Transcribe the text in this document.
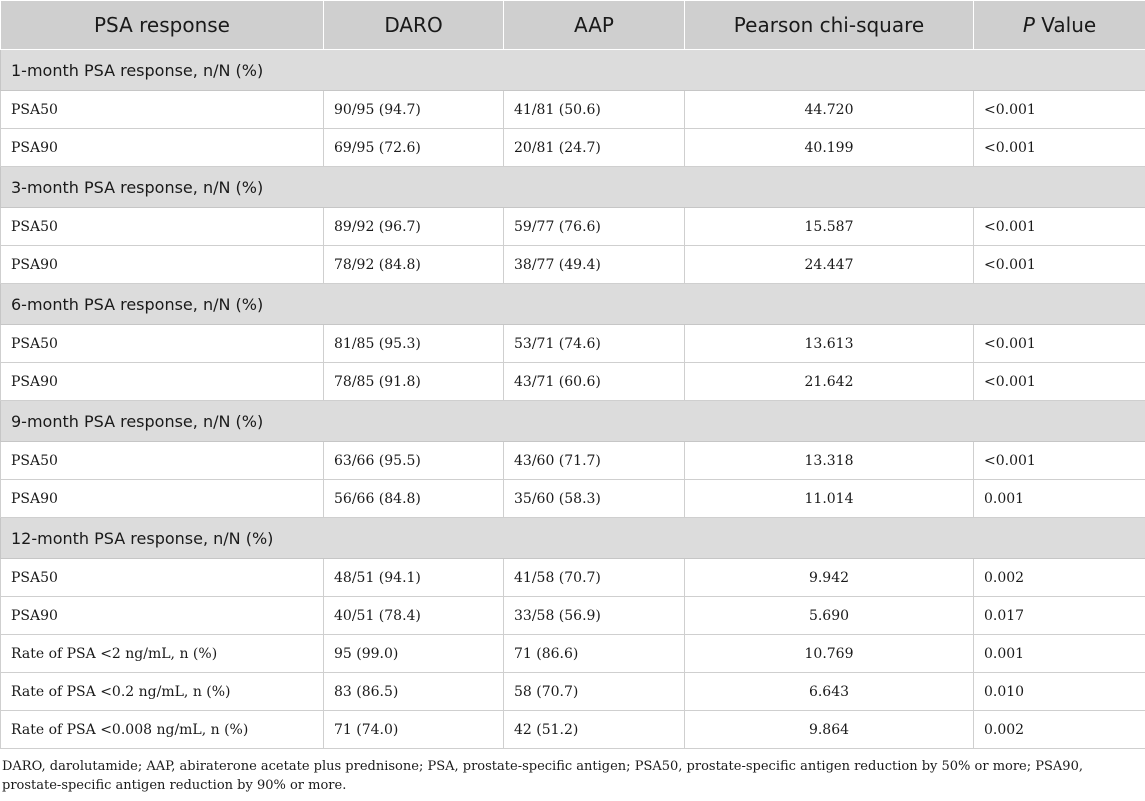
PSA response	DARO	AAP	Pearson chi-square	P Value
1-month PSA response, n/N (%)				
PSA50	90/95 (94.7)	41/81 (50.6)	44.720	<0.001
PSA90	69/95 (72.6)	20/81 (24.7)	40.199	<0.001
3-month PSA response, n/N (%)				
PSA50	89/92 (96.7)	59/77 (76.6)	15.587	<0.001
PSA90	78/92 (84.8)	38/77 (49.4)	24.447	<0.001
6-month PSA response, n/N (%)				
PSA50	81/85 (95.3)	53/71 (74.6)	13.613	<0.001
PSA90	78/85 (91.8)	43/71 (60.6)	21.642	<0.001
9-month PSA response, n/N (%)				
PSA50	63/66 (95.5)	43/60 (71.7)	13.318	<0.001
PSA90	56/66 (84.8)	35/60 (58.3)	11.014	0.001
12-month PSA response, n/N (%)				
PSA50	48/51 (94.1)	41/58 (70.7)	9.942	0.002
PSA90	40/51 (78.4)	33/58 (56.9)	5.690	0.017
Rate of PSA <2 ng/mL, n (%)	95 (99.0)	71 (86.6)	10.769	0.001
Rate of PSA <0.2 ng/mL, n (%)	83 (86.5)	58 (70.7)	6.643	0.010
Rate of PSA <0.008 ng/mL, n (%)	71 (74.0)	42 (51.2)	9.864	0.002
DARO, darolutamide; AAP, abiraterone acetate plus prednisone; PSA, prostate-specific antigen; PSA50, prostate-specific antigen reduction by 50% or more; PSA90, prostate-specific antigen reduction by 90% or more.
